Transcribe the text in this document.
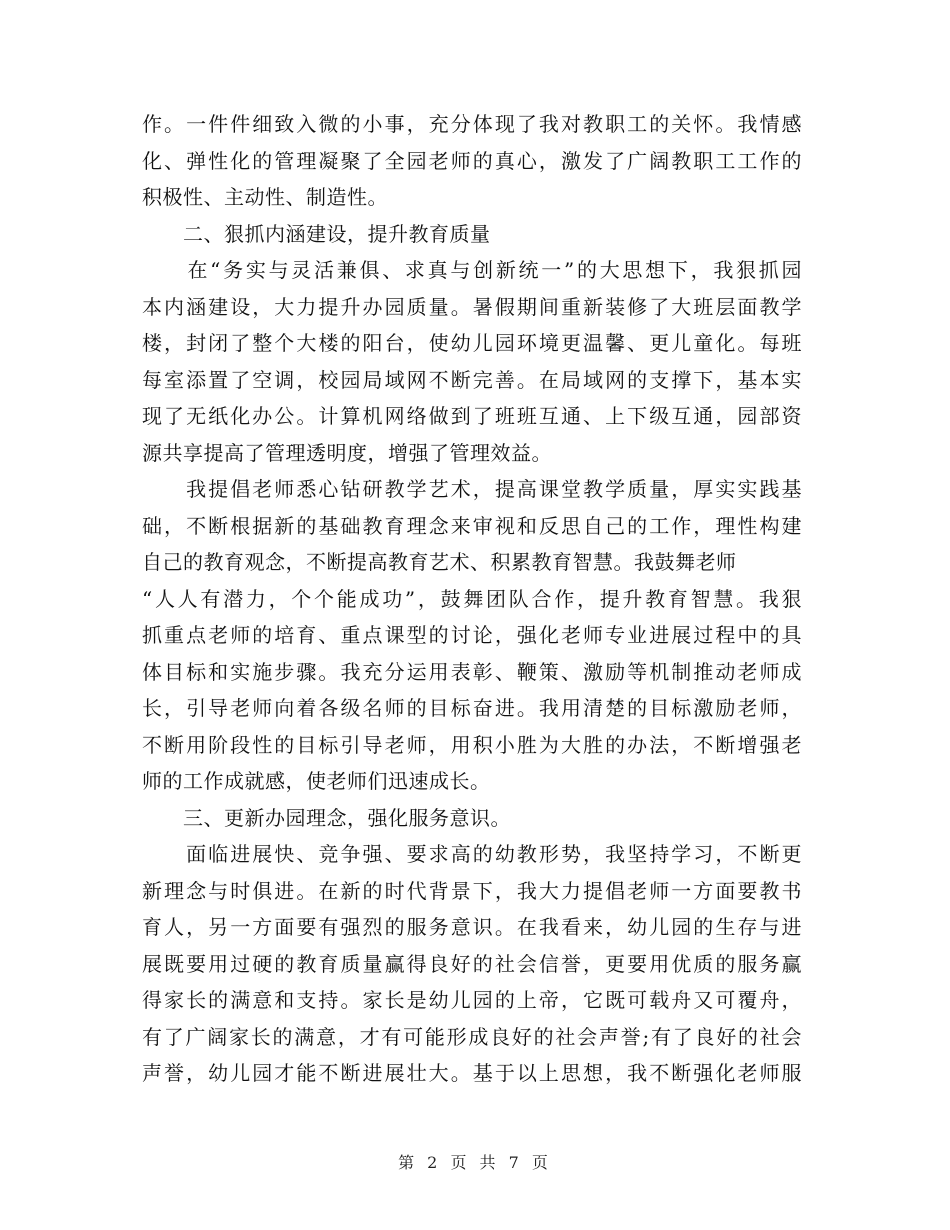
作。一件件细致入微的小事，充分体现了我对教职工的关怀。我情感
化、弹性化的管理凝聚了全园老师的真心，激发了广阔教职工工作的
积极性、主动性、制造性。
　　二、狠抓内涵建设，提升教育质量
　　在“务实与灵活兼俱、求真与创新统一”的大思想下，我狠抓园
本内涵建设，大力提升办园质量。暑假期间重新装修了大班层面教学
楼，封闭了整个大楼的阳台，使幼儿园环境更温馨、更儿童化。每班
每室添置了空调，校园局域网不断完善。在局域网的支撑下，基本实
现了无纸化办公。计算机网络做到了班班互通、上下级互通，园部资
源共享提高了管理透明度，增强了管理效益。
　　我提倡老师悉心钻研教学艺术，提高课堂教学质量，厚实实践基
础，不断根据新的基础教育理念来审视和反思自己的工作，理性构建
自己的教育观念，不断提高教育艺术、积累教育智慧。我鼓舞老师
“人人有潜力，个个能成功”，鼓舞团队合作，提升教育智慧。我狠
抓重点老师的培育、重点课型的讨论，强化老师专业进展过程中的具
体目标和实施步骤。我充分运用表彰、鞭策、激励等机制推动老师成
长，引导老师向着各级名师的目标奋进。我用清楚的目标激励老师，
不断用阶段性的目标引导老师，用积小胜为大胜的办法，不断增强老
师的工作成就感，使老师们迅速成长。
　　三、更新办园理念，强化服务意识。
　　面临进展快、竞争强、要求高的幼教形势，我坚持学习，不断更
新理念与时俱进。在新的时代背景下，我大力提倡老师一方面要教书
育人，另一方面要有强烈的服务意识。在我看来，幼儿园的生存与进
展既要用过硬的教育质量赢得良好的社会信誉，更要用优质的服务赢
得家长的满意和支持。家长是幼儿园的上帝，它既可载舟又可覆舟，
有了广阔家长的满意，才有可能形成良好的社会声誉;有了良好的社会
声誉，幼儿园才能不断进展壮大。基于以上思想，我不断强化老师服
第 2 页 共 7 页
